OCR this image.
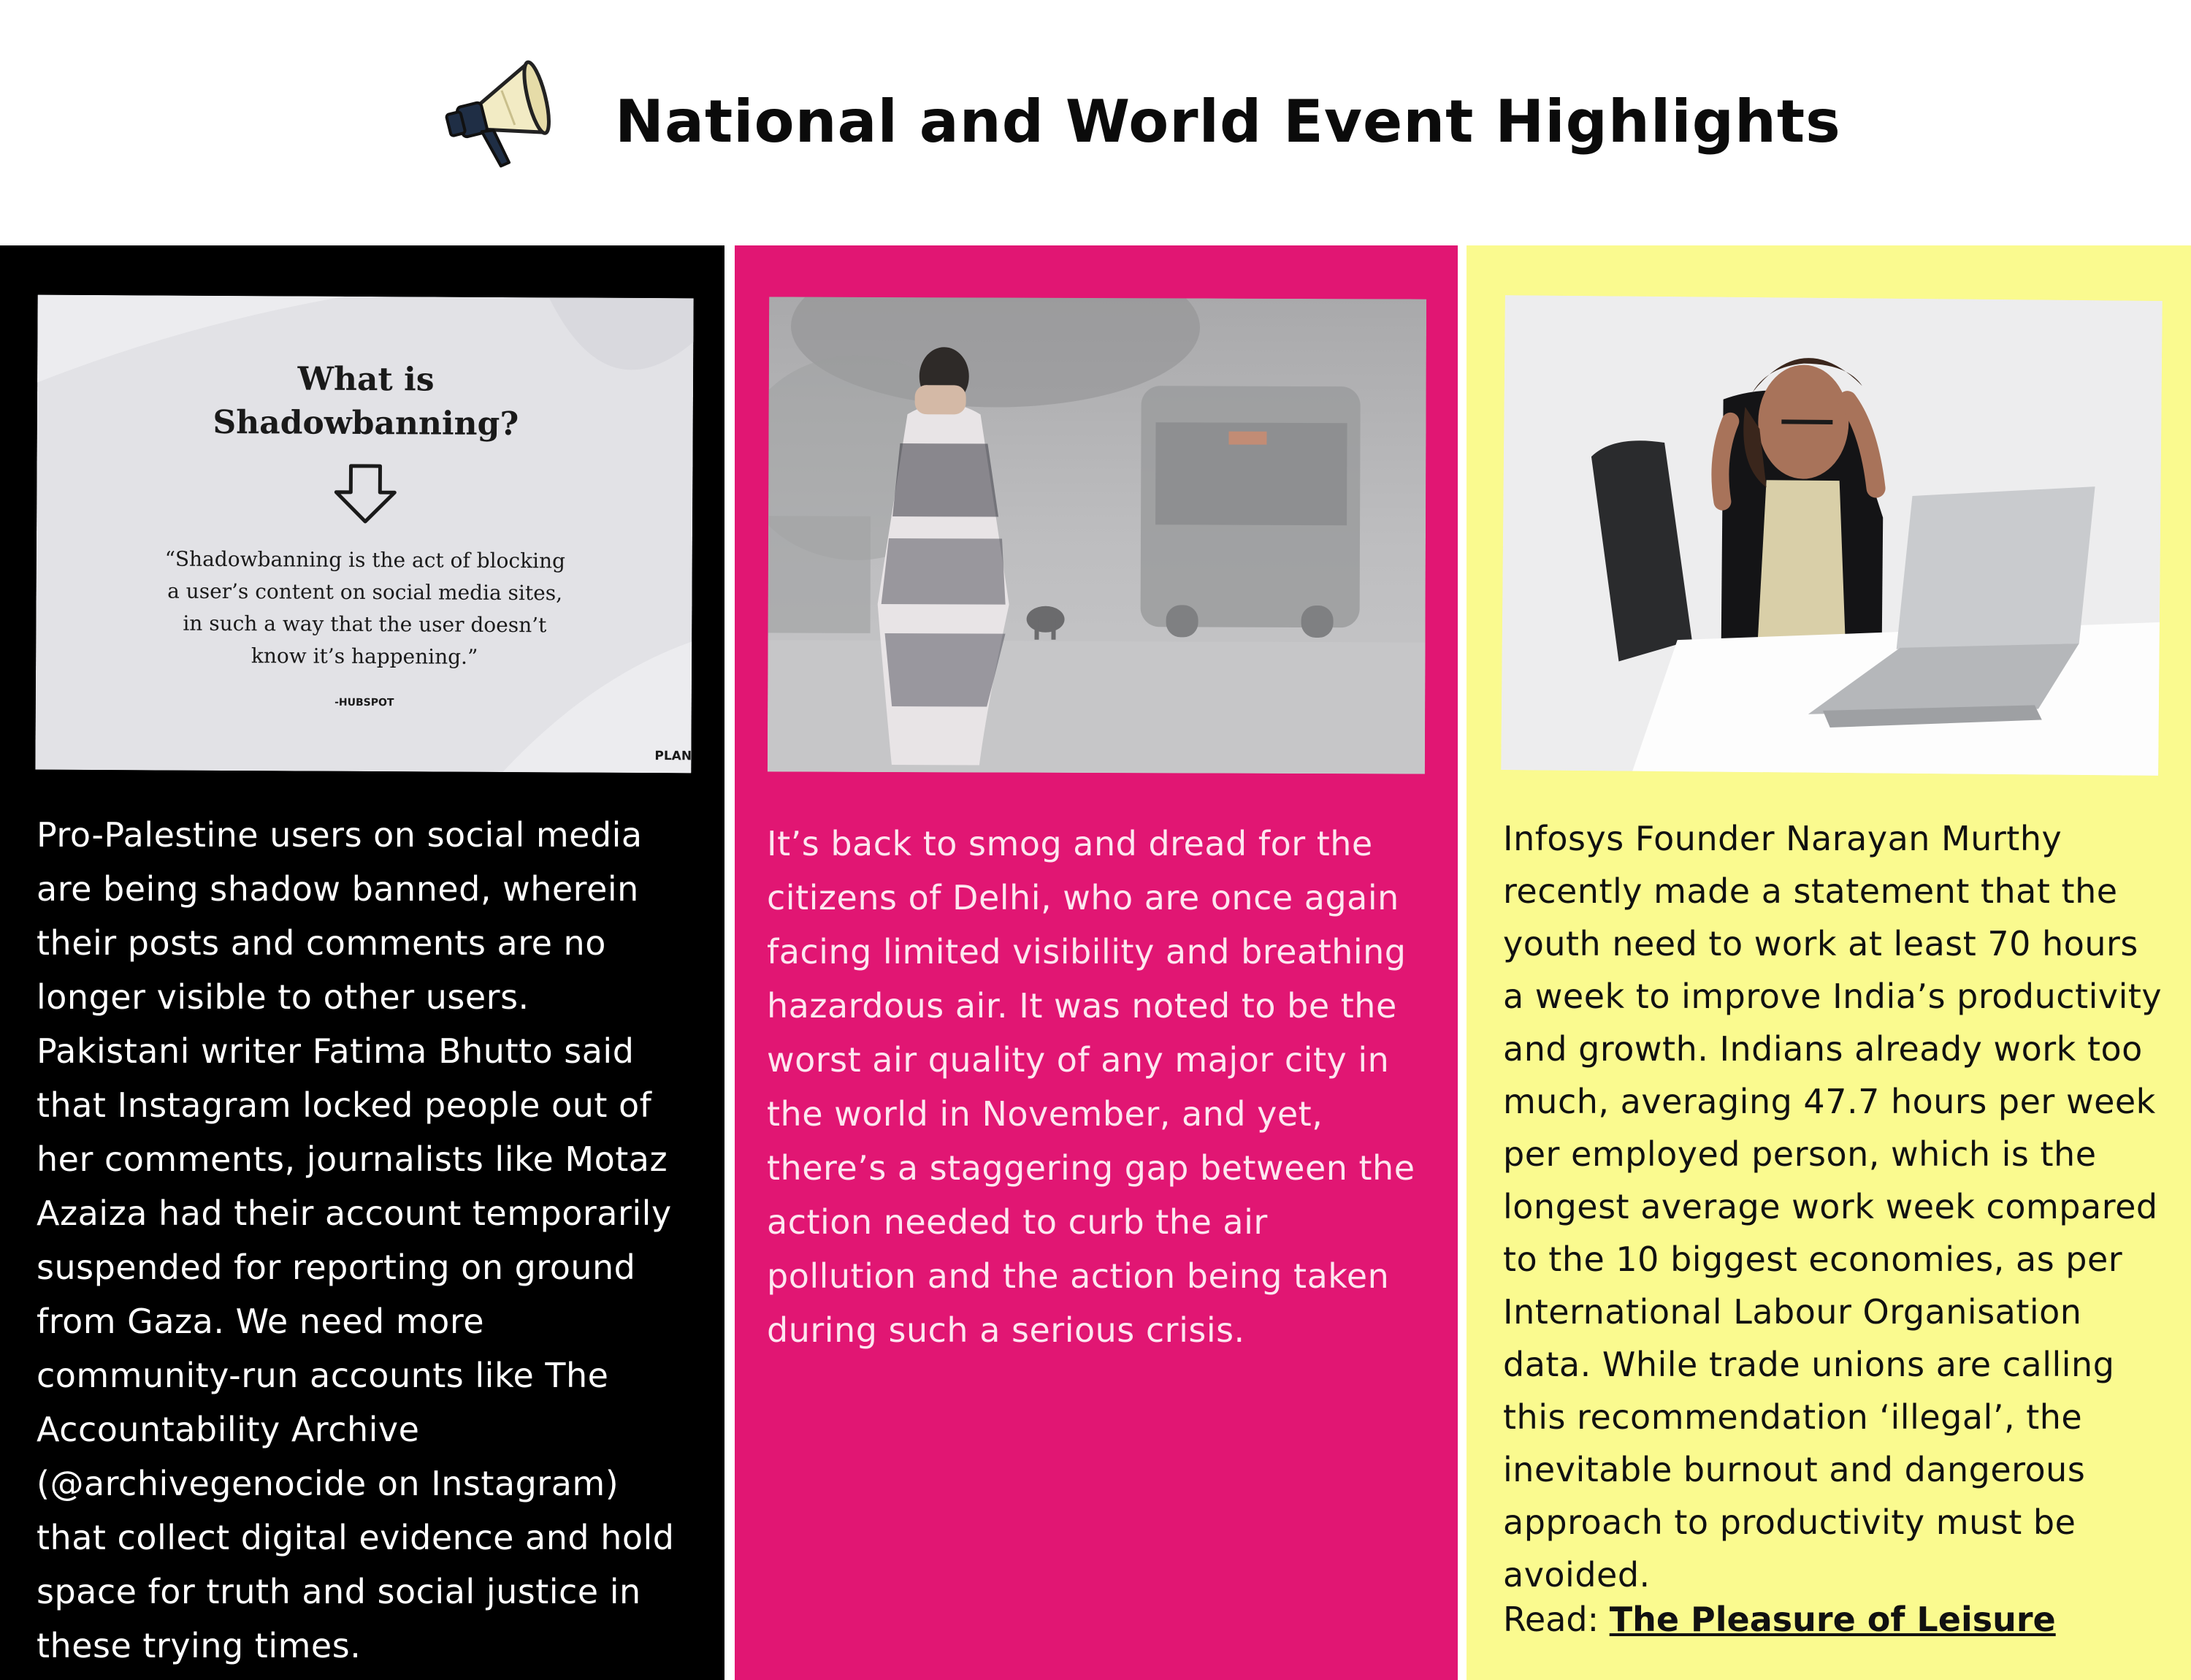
National and World Event Highlights
What is
Shadowbanning?
“Shadowbanning is the act of blocking
a user’s content on social media sites,
in such a way that the user doesn’t
know it’s happening.”
-HUBSPOT
PLAN
Pro-Palestine users on social media
are being shadow banned, wherein
their posts and comments are no
longer visible to other users.
Pakistani writer Fatima Bhutto said
that Instagram locked people out of
her comments, journalists like Motaz
Azaiza had their account temporarily
suspended for reporting on ground
from Gaza. We need more
community-run accounts like The
Accountability Archive
(@archivegenocide on Instagram)
that collect digital evidence and hold
space for truth and social justice in
these trying times.
It’s back to smog and dread for the
citizens of Delhi, who are once again
facing limited visibility and breathing
hazardous air. It was noted to be the
worst air quality of any major city in
the world in November, and yet,
there’s a staggering gap between the
action needed to curb the air
pollution and the action being taken
during such a serious crisis.
Infosys Founder Narayan Murthy
recently made a statement that the
youth need to work at least 70 hours
a week to improve India’s productivity
and growth. Indians already work too
much, averaging 47.7 hours per week
per employed person, which is the
longest average work week compared
to the 10 biggest economies, as per
International Labour Organisation
data. While trade unions are calling
this recommendation ‘illegal’, the
inevitable burnout and dangerous
approach to productivity must be
avoided.
Read: The Pleasure of Leisure
